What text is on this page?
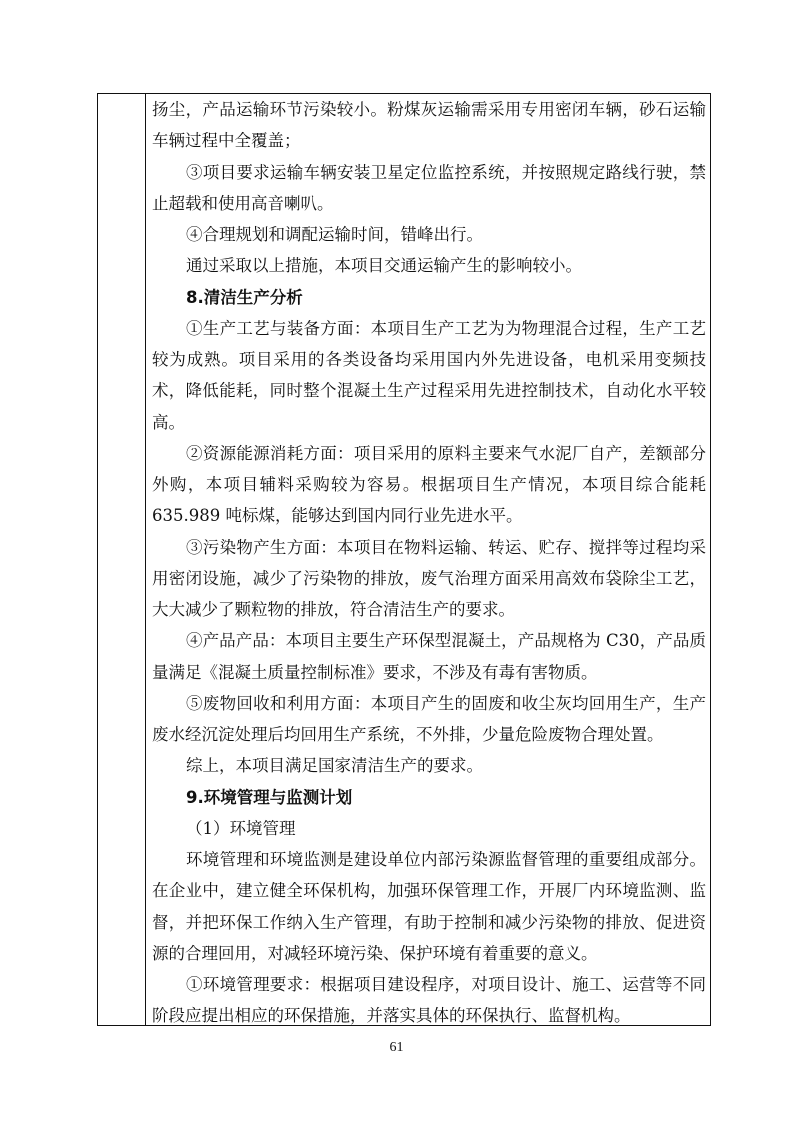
扬尘，产品运输环节污染较小。粉煤灰运输需采用专用密闭车辆，砂石运输
车辆过程中全覆盖；
③项目要求运输车辆安装卫星定位监控系统，并按照规定路线行驶，禁
止超载和使用高音喇叭。
④合理规划和调配运输时间，错峰出行。
通过采取以上措施，本项目交通运输产生的影响较小。
8.清洁生产分析
①生产工艺与装备方面：本项目生产工艺为为物理混合过程，生产工艺
较为成熟。项目采用的各类设备均采用国内外先进设备，电机采用变频技
术，降低能耗，同时整个混凝土生产过程采用先进控制技术，自动化水平较
高。
②资源能源消耗方面：项目采用的原料主要来气水泥厂自产，差额部分
外购，本项目辅料采购较为容易。根据项目生产情况，本项目综合能耗
635.989 吨标煤，能够达到国内同行业先进水平。
③污染物产生方面：本项目在物料运输、转运、贮存、搅拌等过程均采
用密闭设施，减少了污染物的排放，废气治理方面采用高效布袋除尘工艺，
大大减少了颗粒物的排放，符合清洁生产的要求。
④产品产品：本项目主要生产环保型混凝土，产品规格为 C30，产品质
量满足《混凝土质量控制标准》要求，不涉及有毒有害物质。
⑤废物回收和利用方面：本项目产生的固废和收尘灰均回用生产，生产
废水经沉淀处理后均回用生产系统，不外排，少量危险废物合理处置。
综上，本项目满足国家清洁生产的要求。
9.环境管理与监测计划
（1）环境管理
环境管理和环境监测是建设单位内部污染源监督管理的重要组成部分。
在企业中，建立健全环保机构，加强环保管理工作，开展厂内环境监测、监
督，并把环保工作纳入生产管理，有助于控制和减少污染物的排放、促进资
源的合理回用，对减轻环境污染、保护环境有着重要的意义。
①环境管理要求：根据项目建设程序，对项目设计、施工、运营等不同
阶段应提出相应的环保措施，并落实具体的环保执行、监督机构。
61
